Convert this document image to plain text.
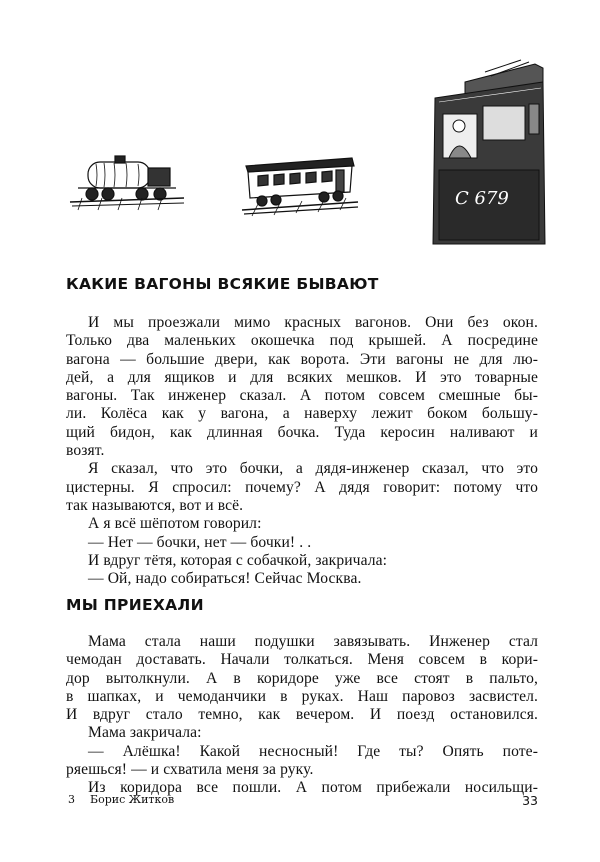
С 679
КАКИЕ ВАГОНЫ ВСЯКИЕ БЫВАЮТ
И мы проезжали мимо красных вагонов. Они без окон.
Только два маленьких окошечка под крышей. А посредине
вагона — большие двери, как ворота. Эти вагоны не для лю-
дей, а для ящиков и для всяких мешков. И это товарные
вагоны. Так инженер сказал. А потом совсем смешные бы-
ли. Колёса как у вагона, а наверху лежит боком большу-
щий бидон, как длинная бочка. Туда керосин наливают и
возят.
Я сказал, что это бочки, а дядя-инженер сказал, что это
цистерны. Я спросил: почему? А дядя говорит: потому что
так называются, вот и всё.
А я всё шёпотом говорил:
— Нет — бочки, нет — бочки! . .
И вдруг тётя, которая с собачкой, закричала:
— Ой, надо собираться! Сейчас Москва.
МЫ ПРИЕХАЛИ
Мама стала наши подушки завязывать. Инженер стал
чемодан доставать. Начали толкаться. Меня совсем в кори-
дор вытолкнули. А в коридоре уже все стоят в пальто,
в шапках, и чемоданчики в руках. Наш паровоз засвистел.
И вдруг стало темно, как вечером. И поезд остановился.
Мама закричала:
— Алёшка! Какой несносный! Где ты? Опять поте-
ряешься! — и схватила меня за руку.
Из коридора все пошли. А потом прибежали носильщи-
3 Борис Житков	33
